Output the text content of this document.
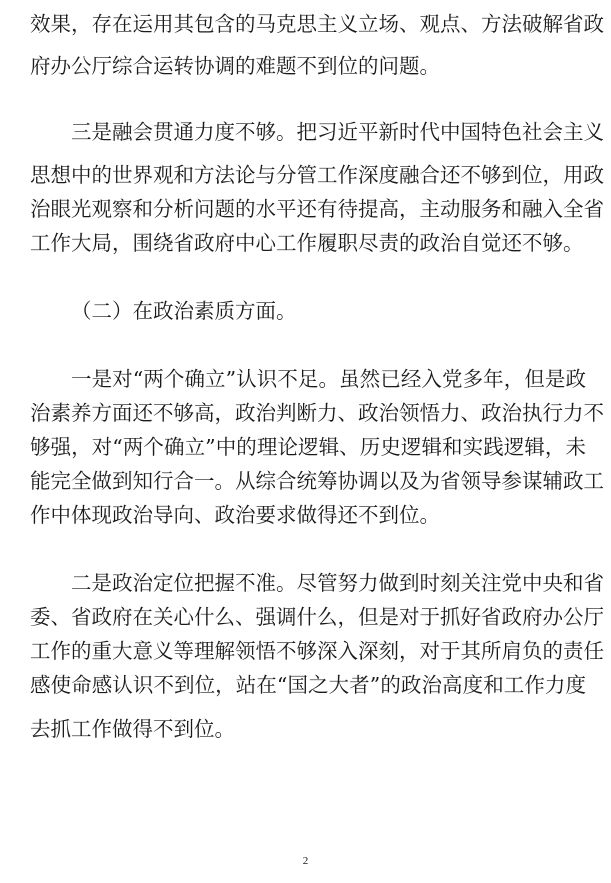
效果，存在运用其包含的马克思主义立场、观点、方法破解省政
府办公厅综合运转协调的难题不到位的问题。
三是融会贯通力度不够。把习近平新时代中国特色社会主义
思想中的世界观和方法论与分管工作深度融合还不够到位，用政
治眼光观察和分析问题的水平还有待提高，主动服务和融入全省
工作大局，围绕省政府中心工作履职尽责的政治自觉还不够。
（二）在政治素质方面。
一是对“两个确立”认识不足。虽然已经入党多年，但是政
治素养方面还不够高，政治判断力、政治领悟力、政治执行力不
够强，对“两个确立”中的理论逻辑、历史逻辑和实践逻辑，未
能完全做到知行合一。从综合统筹协调以及为省领导参谋辅政工
作中体现政治导向、政治要求做得还不到位。
二是政治定位把握不准。尽管努力做到时刻关注党中央和省
委、省政府在关心什么、强调什么，但是对于抓好省政府办公厅
工作的重大意义等理解领悟不够深入深刻，对于其所肩负的责任
感使命感认识不到位，站在“国之大者”的政治高度和工作力度
去抓工作做得不到位。
2
